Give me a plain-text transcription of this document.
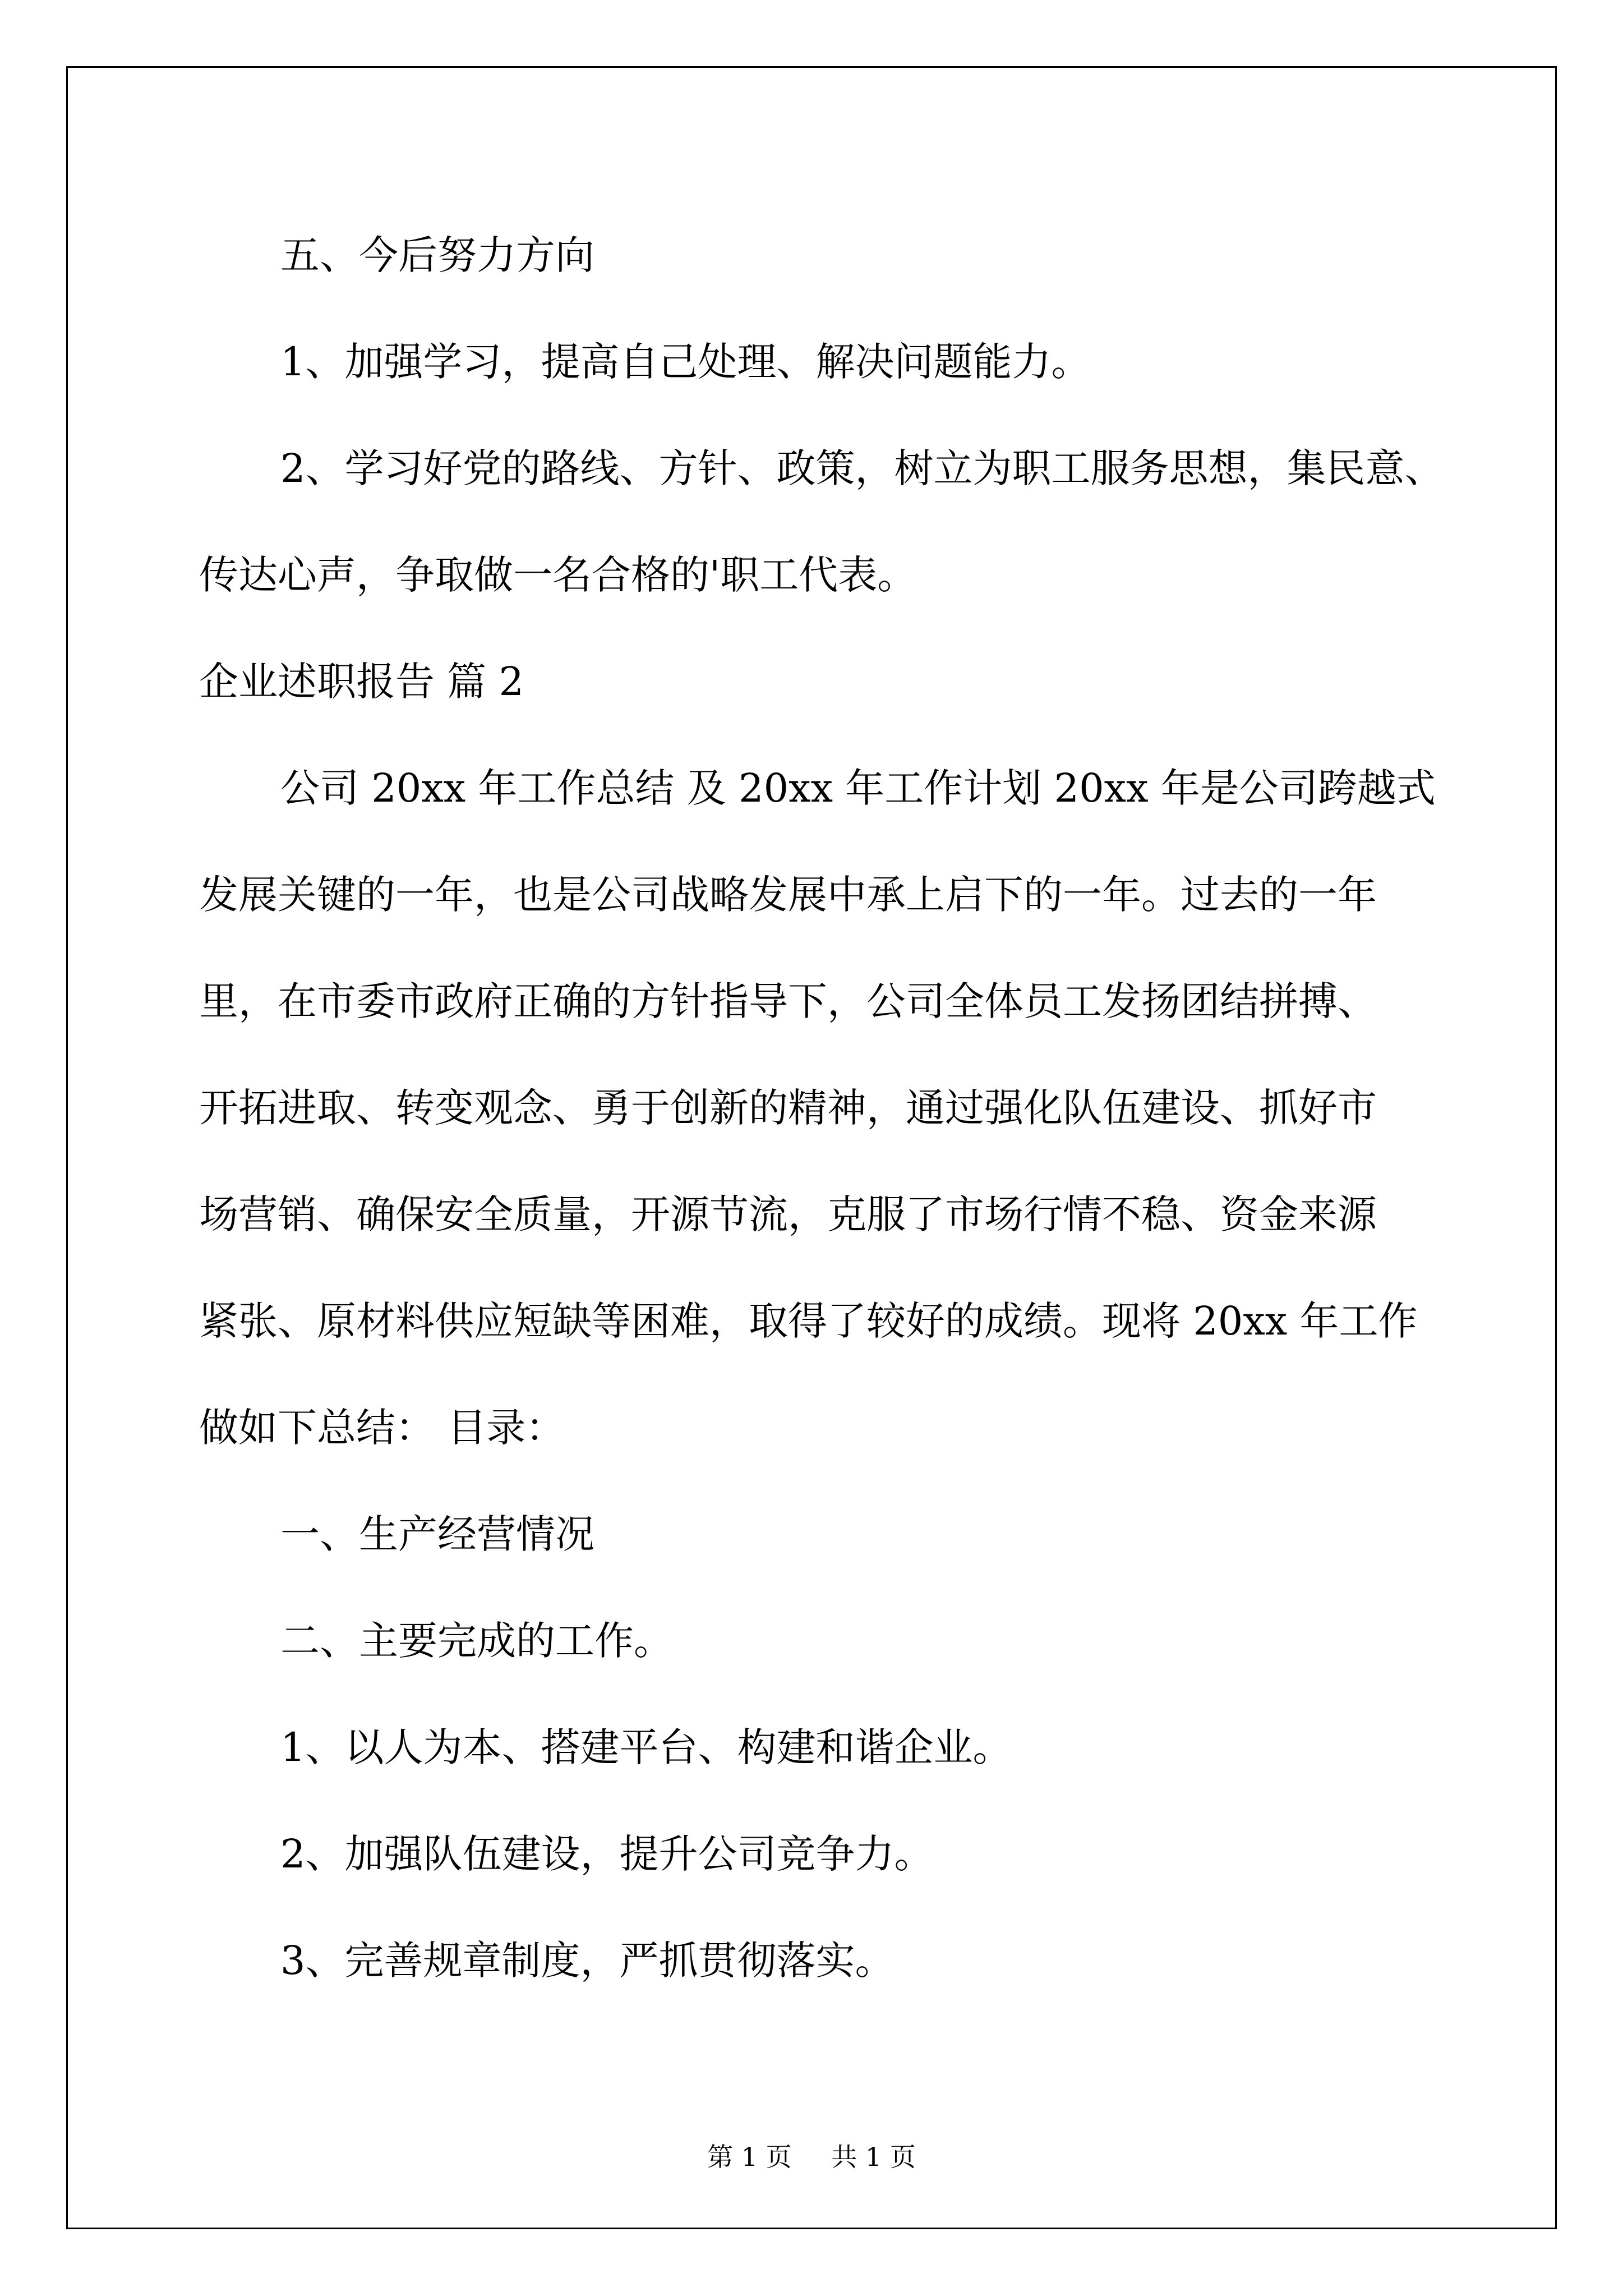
五、今后努力方向

1、加强学习，提高自己处理、解决问题能力。

2、学习好党的路线、方针、政策，树立为职工服务思想，集民意、

传达心声，争取做一名合格的'职工代表。

企业述职报告 篇 2

公司 20xx 年工作总结 及 20xx 年工作计划 20xx 年是公司跨越式

发展关键的一年，也是公司战略发展中承上启下的一年。过去的一年

里，在市委市政府正确的方针指导下，公司全体员工发扬团结拼搏、

开拓进取、转变观念、勇于创新的精神，通过强化队伍建设、抓好市

场营销、确保安全质量，开源节流，克服了市场行情不稳、资金来源

紧张、原材料供应短缺等困难，取得了较好的成绩。现将 20xx 年工作

做如下总结： 目录：

一、生产经营情况

二、主要完成的工作。

1、以人为本、搭建平台、构建和谐企业。

2、加强队伍建设，提升公司竞争力。

3、完善规章制度，严抓贯彻落实。

第 1 页 共 1 页
